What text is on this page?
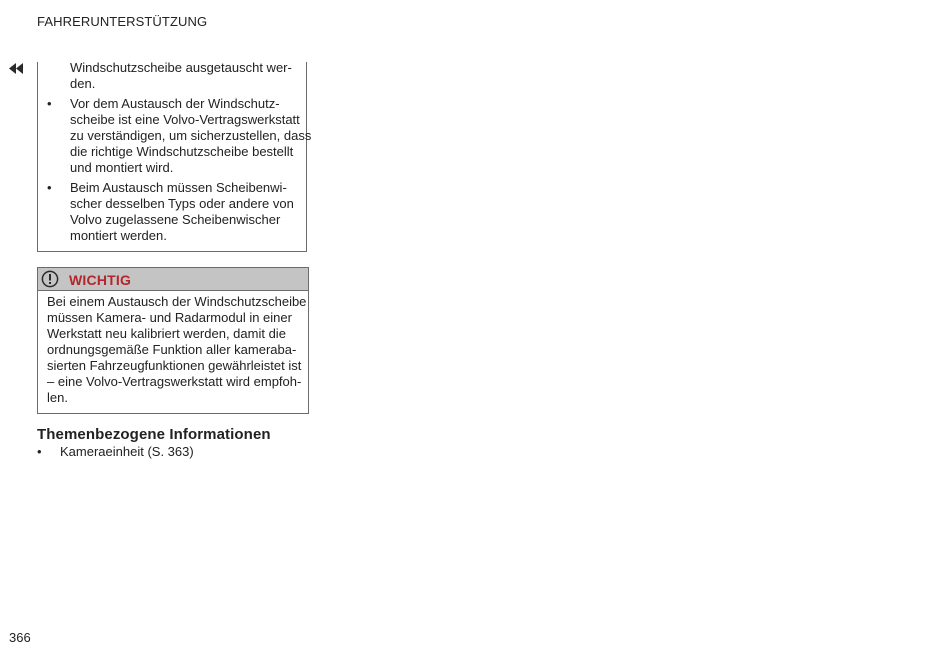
FAHRERUNTERSTÜTZUNG
Windschutzscheibe ausgetauscht wer-
den.
• Vor dem Austausch der Windschutz-
scheibe ist eine Volvo-Vertragswerkstatt
zu verständigen, um sicherzustellen, dass
die richtige Windschutzscheibe bestellt
und montiert wird.
• Beim Austausch müssen Scheibenwi-
scher desselben Typs oder andere von
Volvo zugelassene Scheibenwischer
montiert werden.
WICHTIG
Bei einem Austausch der Windschutzscheibe
müssen Kamera- und Radarmodul in einer
Werkstatt neu kalibriert werden, damit die
ordnungsgemäße Funktion aller kameraba-
sierten Fahrzeugfunktionen gewährleistet ist
– eine Volvo-Vertragswerkstatt wird empfoh-
len.
Themenbezogene Informationen
• Kameraeinheit (S. 363)
366
